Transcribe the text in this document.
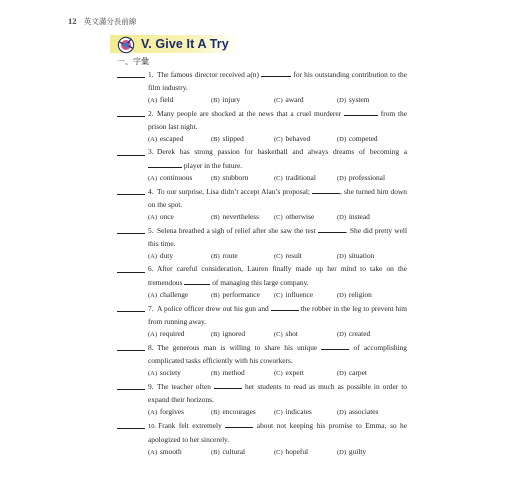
12 英文滿分長前線
V. Give It A Try
一、字彙
1. The famous director received a(n)	for his outstanding contribution to the film industry.
(A) field	(B) injury	(C) award	(D) system
2. Many people are shocked at the news that a cruel murderer	from the prison last night.
(A) escaped	(B) slipped	(C) behaved	(D) competed
3. Derek has strong passion for basketball and always dreams of becoming a  player in the future.
(A) continuous	(B) stubborn	(C) traditional	(D) professional
4. To our surprise, Lisa didn’t accept Alan’s proposal;	, she turned him down on the spot.
(A) once	(B) nevertheless	(C) otherwise	(D) instead
5. Selena breathed a sigh of relief after she saw the test	. She did pretty well this time.
(A) duty	(B) route	(C) result	(D) situation
6. After careful consideration, Lauren finally made up her mind to take on the tremendous	of managing this large company.
(A) challenge	(B) performance	(C) influence	(D) religion
7. A police officer drew out his gun and	the robber in the leg to prevent him from running away.
(A) required	(B) ignored	(C) shot	(D) created
8. The generous man is willing to share his unique	of accomplishing complicated tasks efficiently with his coworkers.
(A) society	(B) method	(C) expert	(D) carpet
9. The teacher often	her students to read as much as possible in order to expand their horizons.
(A) forgives	(B) encourages	(C) indicates	(D) associates
10. Frank felt extremely	about not keeping his promise to Emma, so he apologized to her sincerely.
(A) smooth	(B) cultural	(C) hopeful	(D) guilty
